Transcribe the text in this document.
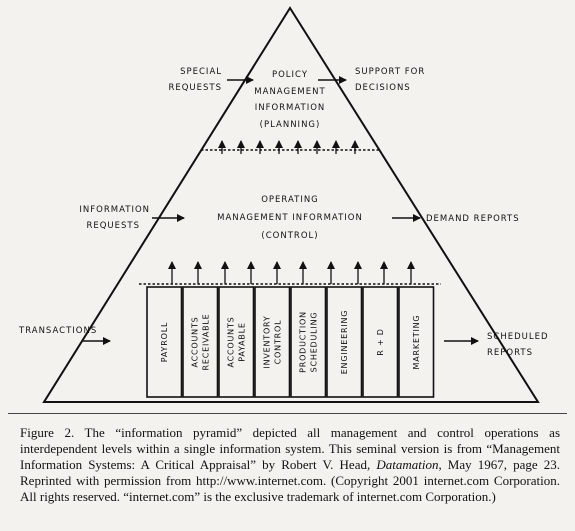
POLICY
MANAGEMENT
INFORMATION
(PLANNING)
OPERATING
MANAGEMENT INFORMATION
(CONTROL)
SPECIAL
REQUESTS
SUPPORT FOR
DECISIONS
INFORMATION
REQUESTS
DEMAND REPORTS
TRANSACTIONS
SCHEDULED
REPORTS
PAYROLL	ACCOUNTS RECEIVABLE ACCOUNTS PAYABLE INVENTORY CONTROL PRODUCTION SCHEDULING	ENGINEERING	R + D	MARKETING

Figure 2. The “information pyramid” depicted all management and control operations as interdependent levels within a single information system. This seminal version is from “Management Information Systems: A Critical Appraisal” by Robert V. Head, Datamation, May 1967, page 23. Reprinted with permission from http://www.internet.com. (Copyright 2001 internet.com Corporation. All rights reserved. “internet.com” is the exclusive trademark of internet.com Corporation.)
